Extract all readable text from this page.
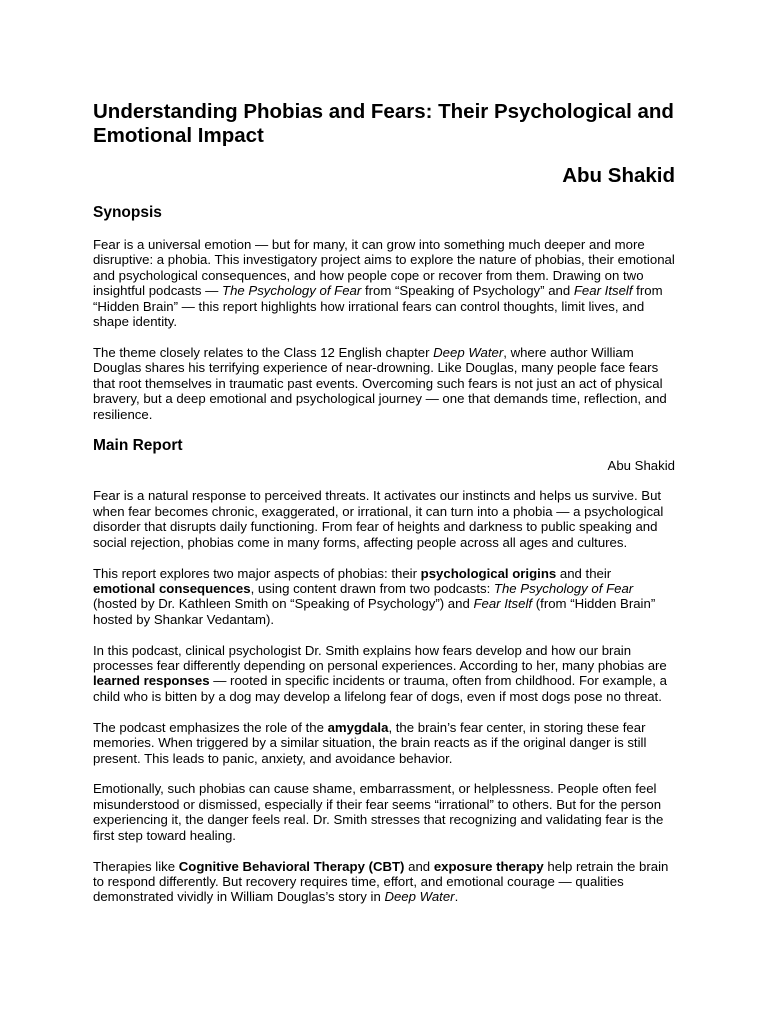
Understanding Phobias and Fears: Their Psychological and Emotional Impact
Abu Shakid
Synopsis

Fear is a universal emotion — but for many, it can grow into something much deeper and more disruptive: a phobia. This investigatory project aims to explore the nature of phobias, their emotional and psychological consequences, and how people cope or recover from them. Drawing on two insightful podcasts — The Psychology of Fear from “Speaking of Psychology” and Fear Itself from “Hidden Brain” — this report highlights how irrational fears can control thoughts, limit lives, and shape identity.

The theme closely relates to the Class 12 English chapter Deep Water, where author William Douglas shares his terrifying experience of near-drowning. Like Douglas, many people face fears that root themselves in traumatic past events. Overcoming such fears is not just an act of physical bravery, but a deep emotional and psychological journey — one that demands time, reflection, and resilience.

Main Report
Abu Shakid

Fear is a natural response to perceived threats. It activates our instincts and helps us survive. But when fear becomes chronic, exaggerated, or irrational, it can turn into a phobia — a psychological disorder that disrupts daily functioning. From fear of heights and darkness to public speaking and social rejection, phobias come in many forms, affecting people across all ages and cultures.

This report explores two major aspects of phobias: their psychological origins and their emotional consequences, using content drawn from two podcasts: The Psychology of Fear (hosted by Dr. Kathleen Smith on “Speaking of Psychology”) and Fear Itself (from “Hidden Brain” hosted by Shankar Vedantam).

In this podcast, clinical psychologist Dr. Smith explains how fears develop and how our brain processes fear differently depending on personal experiences. According to her, many phobias are learned responses — rooted in specific incidents or trauma, often from childhood. For example, a child who is bitten by a dog may develop a lifelong fear of dogs, even if most dogs pose no threat.

The podcast emphasizes the role of the amygdala, the brain’s fear center, in storing these fear memories. When triggered by a similar situation, the brain reacts as if the original danger is still present. This leads to panic, anxiety, and avoidance behavior.

Emotionally, such phobias can cause shame, embarrassment, or helplessness. People often feel misunderstood or dismissed, especially if their fear seems “irrational” to others. But for the person experiencing it, the danger feels real. Dr. Smith stresses that recognizing and validating fear is the first step toward healing.

Therapies like Cognitive Behavioral Therapy (CBT) and exposure therapy help retrain the brain to respond differently. But recovery requires time, effort, and emotional courage — qualities demonstrated vividly in William Douglas’s story in Deep Water.
